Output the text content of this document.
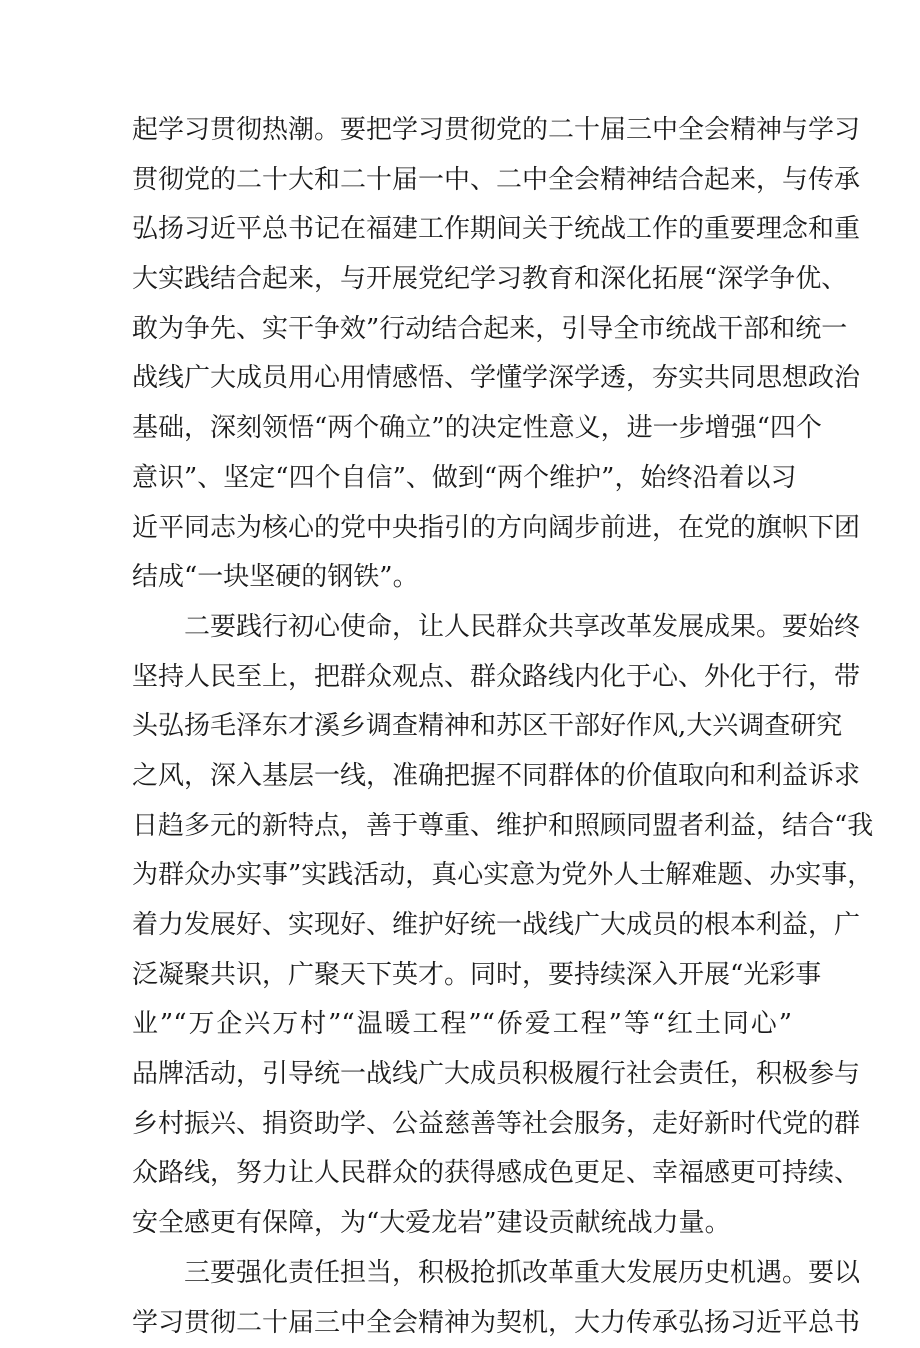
起学习贯彻热潮。要把学习贯彻党的二十届三中全会精神与学习
贯彻党的二十大和二十届一中、二中全会精神结合起来，与传承
弘扬习近平总书记在福建工作期间关于统战工作的重要理念和重
大实践结合起来，与开展党纪学习教育和深化拓展“深学争优、
敢为争先、实干争效”行动结合起来，引导全市统战干部和统一
战线广大成员用心用情感悟、学懂学深学透，夯实共同思想政治
基础，深刻领悟“两个确立”的决定性意义，进一步增强“四个
意识”、坚定“四个自信”、做到“两个维护”，始终沿着以习
近平同志为核心的党中央指引的方向阔步前进，在党的旗帜下团
结成“一块坚硬的钢铁”。
二要践行初心使命，让人民群众共享改革发展成果。要始终
坚持人民至上，把群众观点、群众路线内化于心、外化于行，带
头弘扬毛泽东才溪乡调查精神和苏区干部好作风,大兴调查研究
之风，深入基层一线，准确把握不同群体的价值取向和利益诉求
日趋多元的新特点，善于尊重、维护和照顾同盟者利益，结合“我
为群众办实事”实践活动，真心实意为党外人士解难题、办实事，
着力发展好、实现好、维护好统一战线广大成员的根本利益，广
泛凝聚共识，广聚天下英才。同时，要持续深入开展“光彩事
业”“万企兴万村”“温暖工程”“侨爱工程”等“红土同心”
品牌活动，引导统一战线广大成员积极履行社会责任，积极参与
乡村振兴、捐资助学、公益慈善等社会服务，走好新时代党的群
众路线，努力让人民群众的获得感成色更足、幸福感更可持续、
安全感更有保障，为“大爱龙岩”建设贡献统战力量。
三要强化责任担当，积极抢抓改革重大发展历史机遇。要以
学习贯彻二十届三中全会精神为契机，大力传承弘扬习近平总书
